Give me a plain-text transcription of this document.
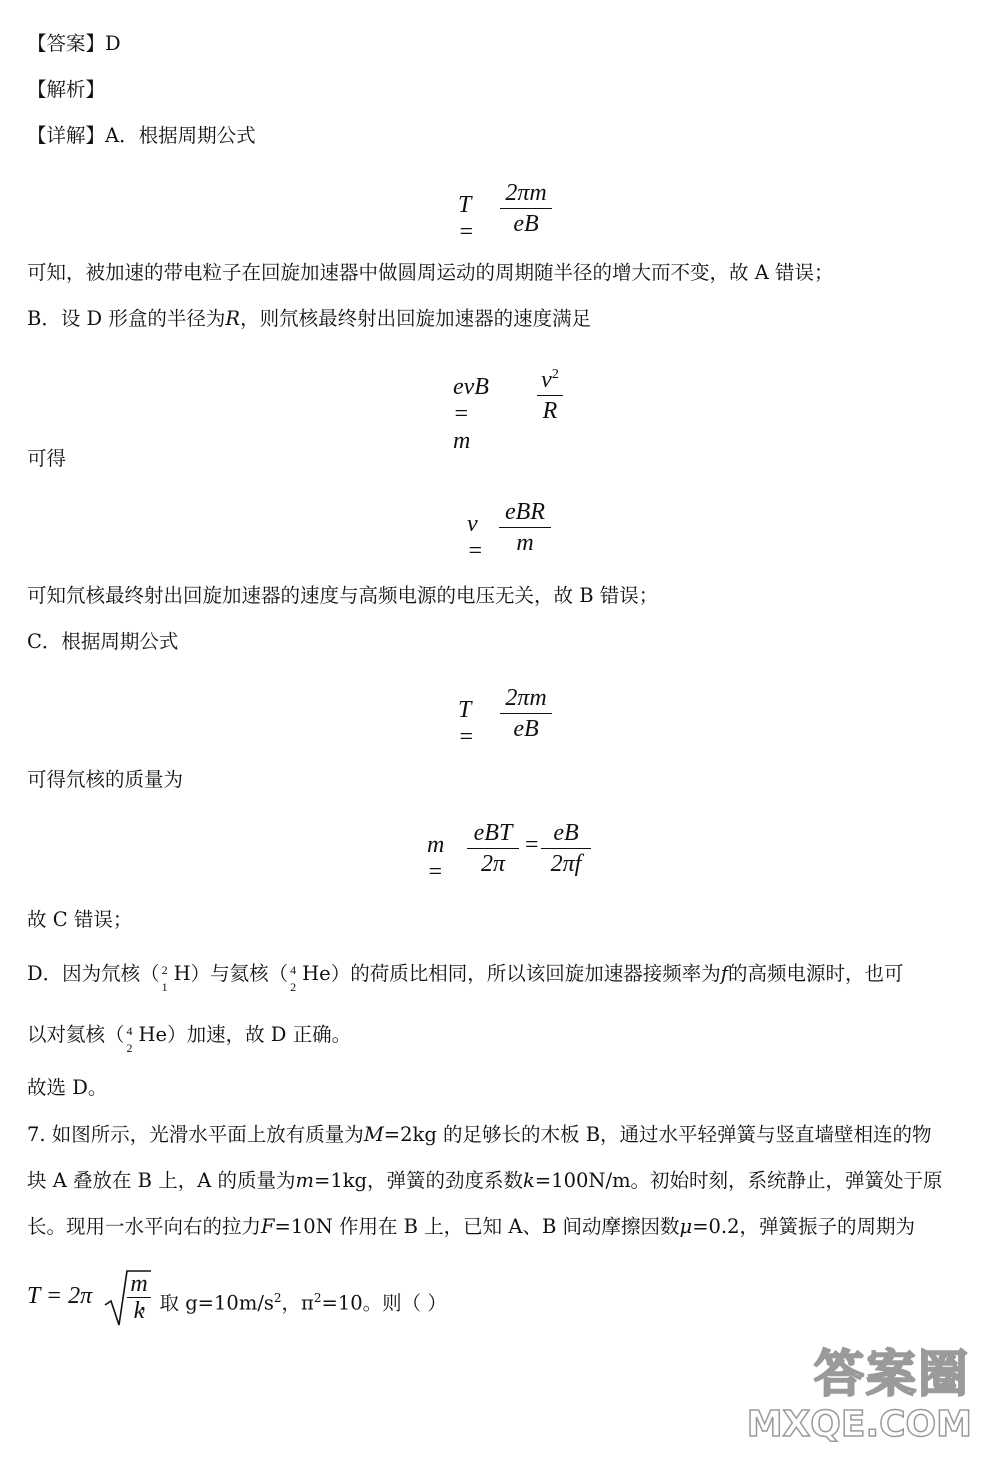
【答案】D
【解析】
【详解】A．根据周期公式
T =
2πm
eB
可知，被加速的带电粒子在回旋加速器中做圆周运动的周期随半径的增大而不变，故 A 错误；
B．设 D 形盒的半径为R，则氘核最终射出回旋加速器的速度满足
evB = m
$v^2$
R
可得
v =
eBR
m
可知氘核最终射出回旋加速器的速度与高频电源的电压无关，故 B 错误；
C．根据周期公式
T =
2πm
eB
可得氘核的质量为
m =
eBT
2π
= eB
2πf
故 C 错误；
D．因为氘核（ 2
1
H）与氦核（ 4
2
He）的荷质比相同，所以该回旋加速器接频率为f的高频电源时，也可
以对氦核（ 4
2
He）加速，故 D 正确。
故选 D。
7. 如图所示，光滑水平面上放有质量为M=2kg 的足够长的木板 B，通过水平轻弹簧与竖直墙壁相连的物
块 A 叠放在 B 上，A 的质量为m=1kg，弹簧的劲度系数k=100N/m。初始时刻，系统静止，弹簧处于原
长。现用一水平向右的拉力F=10N 作用在 B 上，已知 A、B 间动摩擦因数μ=0.2，弹簧振子的周期为
T = 2π m
k
，取 $g=10m/s^2$，$\pi^2=10$。则（ ）
答案圈
MXQE.COM
